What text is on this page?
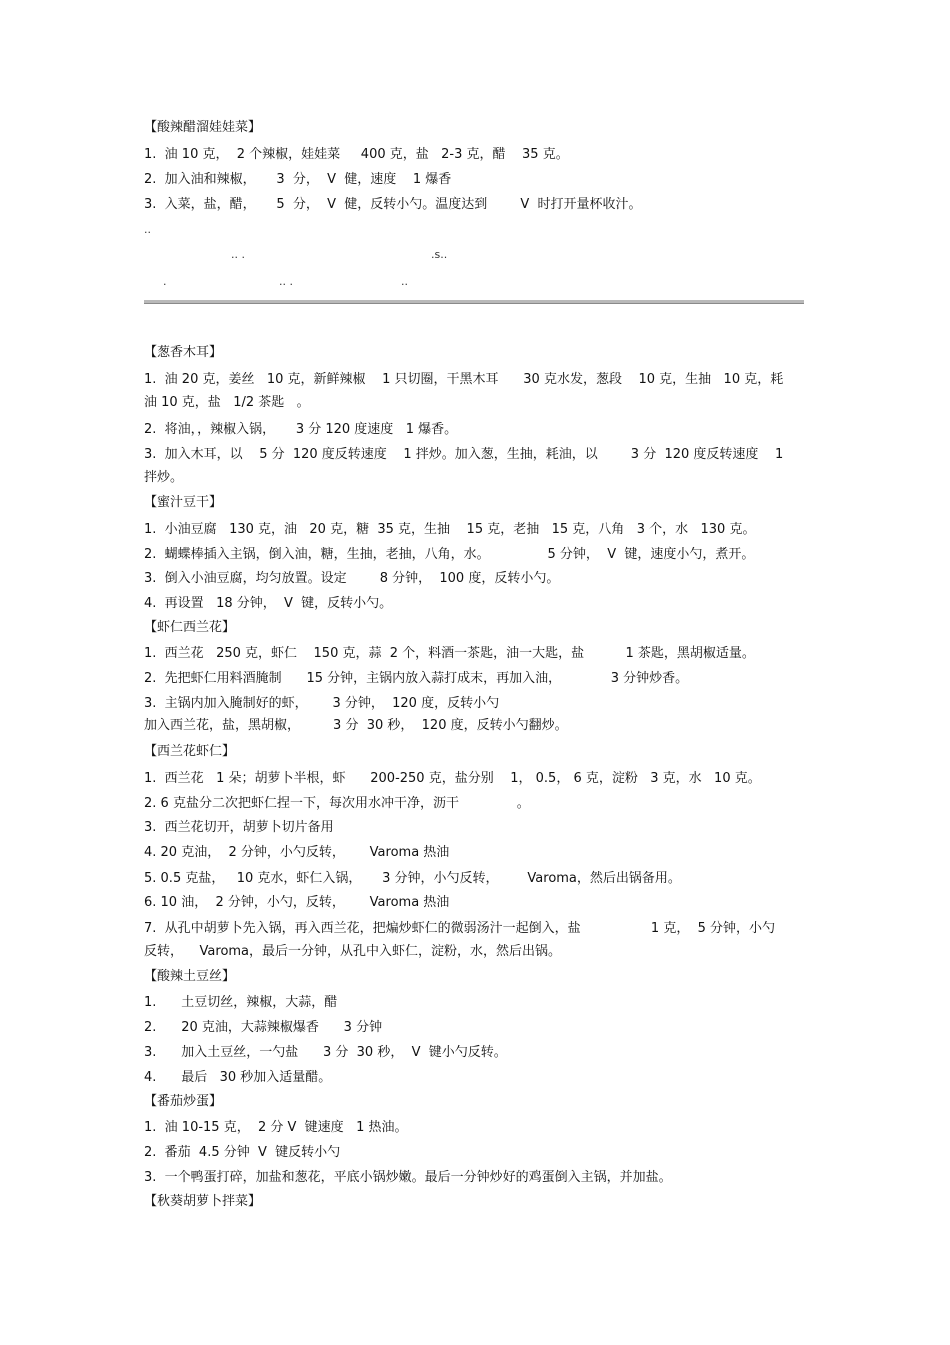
【酸辣醋溜娃娃菜】

1.  油 10 克，  2 个辣椒，娃娃菜     400 克，盐   2-3 克，醋    35 克。

2.  加入油和辣椒，     3  分，  V  健，速度    1 爆香

3.  入菜，盐，醋，     5  分，  V  健，反转小勺。温度达到        V  时打开量杯收汁。

..
.. .	.s..
.	.. .	..

【葱香木耳】

1.  油 20 克，姜丝   10 克，新鲜辣椒    1 只切圈，干黑木耳      30 克水发，葱段    10 克，生抽   10 克，耗

油 10 克，盐   1/2 茶匙   。

2.  将油，，辣椒入锅，     3 分 120 度速度   1 爆香。

3.  加入木耳，以    5 分  120 度反转速度    1 拌炒。加入葱，生抽，耗油，以        3 分  120 度反转速度    1

拌炒。

【蜜汁豆干】

1.  小油豆腐   130 克，油   20 克，糖  35 克，生抽    15 克，老抽   15 克，八角   3 个，水   130 克。

2.  蝴蝶棒插入主锅，倒入油，糖，生抽，老抽，八角，水。              5 分钟，  V  键，速度小勺，煮开。

3.  倒入小油豆腐，均匀放置。设定        8 分钟，  100 度，反转小勺。

4.  再设置   18 分钟，  V  键，反转小勺。

【虾仁西兰花】

1.  西兰花   250 克，虾仁    150 克，蒜  2 个，料酒一茶匙，油一大匙，盐          1 茶匙，黑胡椒适量。

2.  先把虾仁用料酒腌制      15 分钟，主锅内放入蒜打成末，再加入油，            3 分钟炒香。

3.  主锅内加入腌制好的虾，      3 分钟，  120 度，反转小勺

加入西兰花，盐，黑胡椒，        3 分  30 秒，  120 度，反转小勺翻炒。

【西兰花虾仁】

1.  西兰花   1 朵；胡萝卜半根，虾      200-250 克，盐分别    1， 0.5， 6 克，淀粉   3 克，水   10 克。

2. 6 克盐分二次把虾仁捏一下，每次用水冲干净，沥干              。

3.  西兰花切开，胡萝卜切片备用

4. 20 克油，  2 分钟，小勺反转，      Varoma 热油

5. 0.5 克盐，   10 克水，虾仁入锅，     3 分钟，小勺反转，       Varoma，然后出锅备用。

6. 10 油，  2 分钟，小勺，反转，      Varoma 热油

7.  从孔中胡萝卜先入锅，再入西兰花，把煸炒虾仁的微弱汤汁一起倒入，盐                 1 克，  5 分钟，小勺

反转，    Varoma，最后一分钟，从孔中入虾仁，淀粉，水，然后出锅。

【酸辣土豆丝】

1.      土豆切丝，辣椒，大蒜，醋

2.      20 克油，大蒜辣椒爆香      3 分钟

3.      加入土豆丝，一勺盐      3 分  30 秒，  V  键小勺反转。

4.      最后   30 秒加入适量醋。

【番茄炒蛋】

1.  油 10-15 克，  2 分 V  键速度   1 热油。

2.  番茄  4.5 分钟  V  键反转小勺

3.  一个鸭蛋打碎，加盐和葱花，平底小锅炒嫩。最后一分钟炒好的鸡蛋倒入主锅，并加盐。

【秋葵胡萝卜拌菜】
